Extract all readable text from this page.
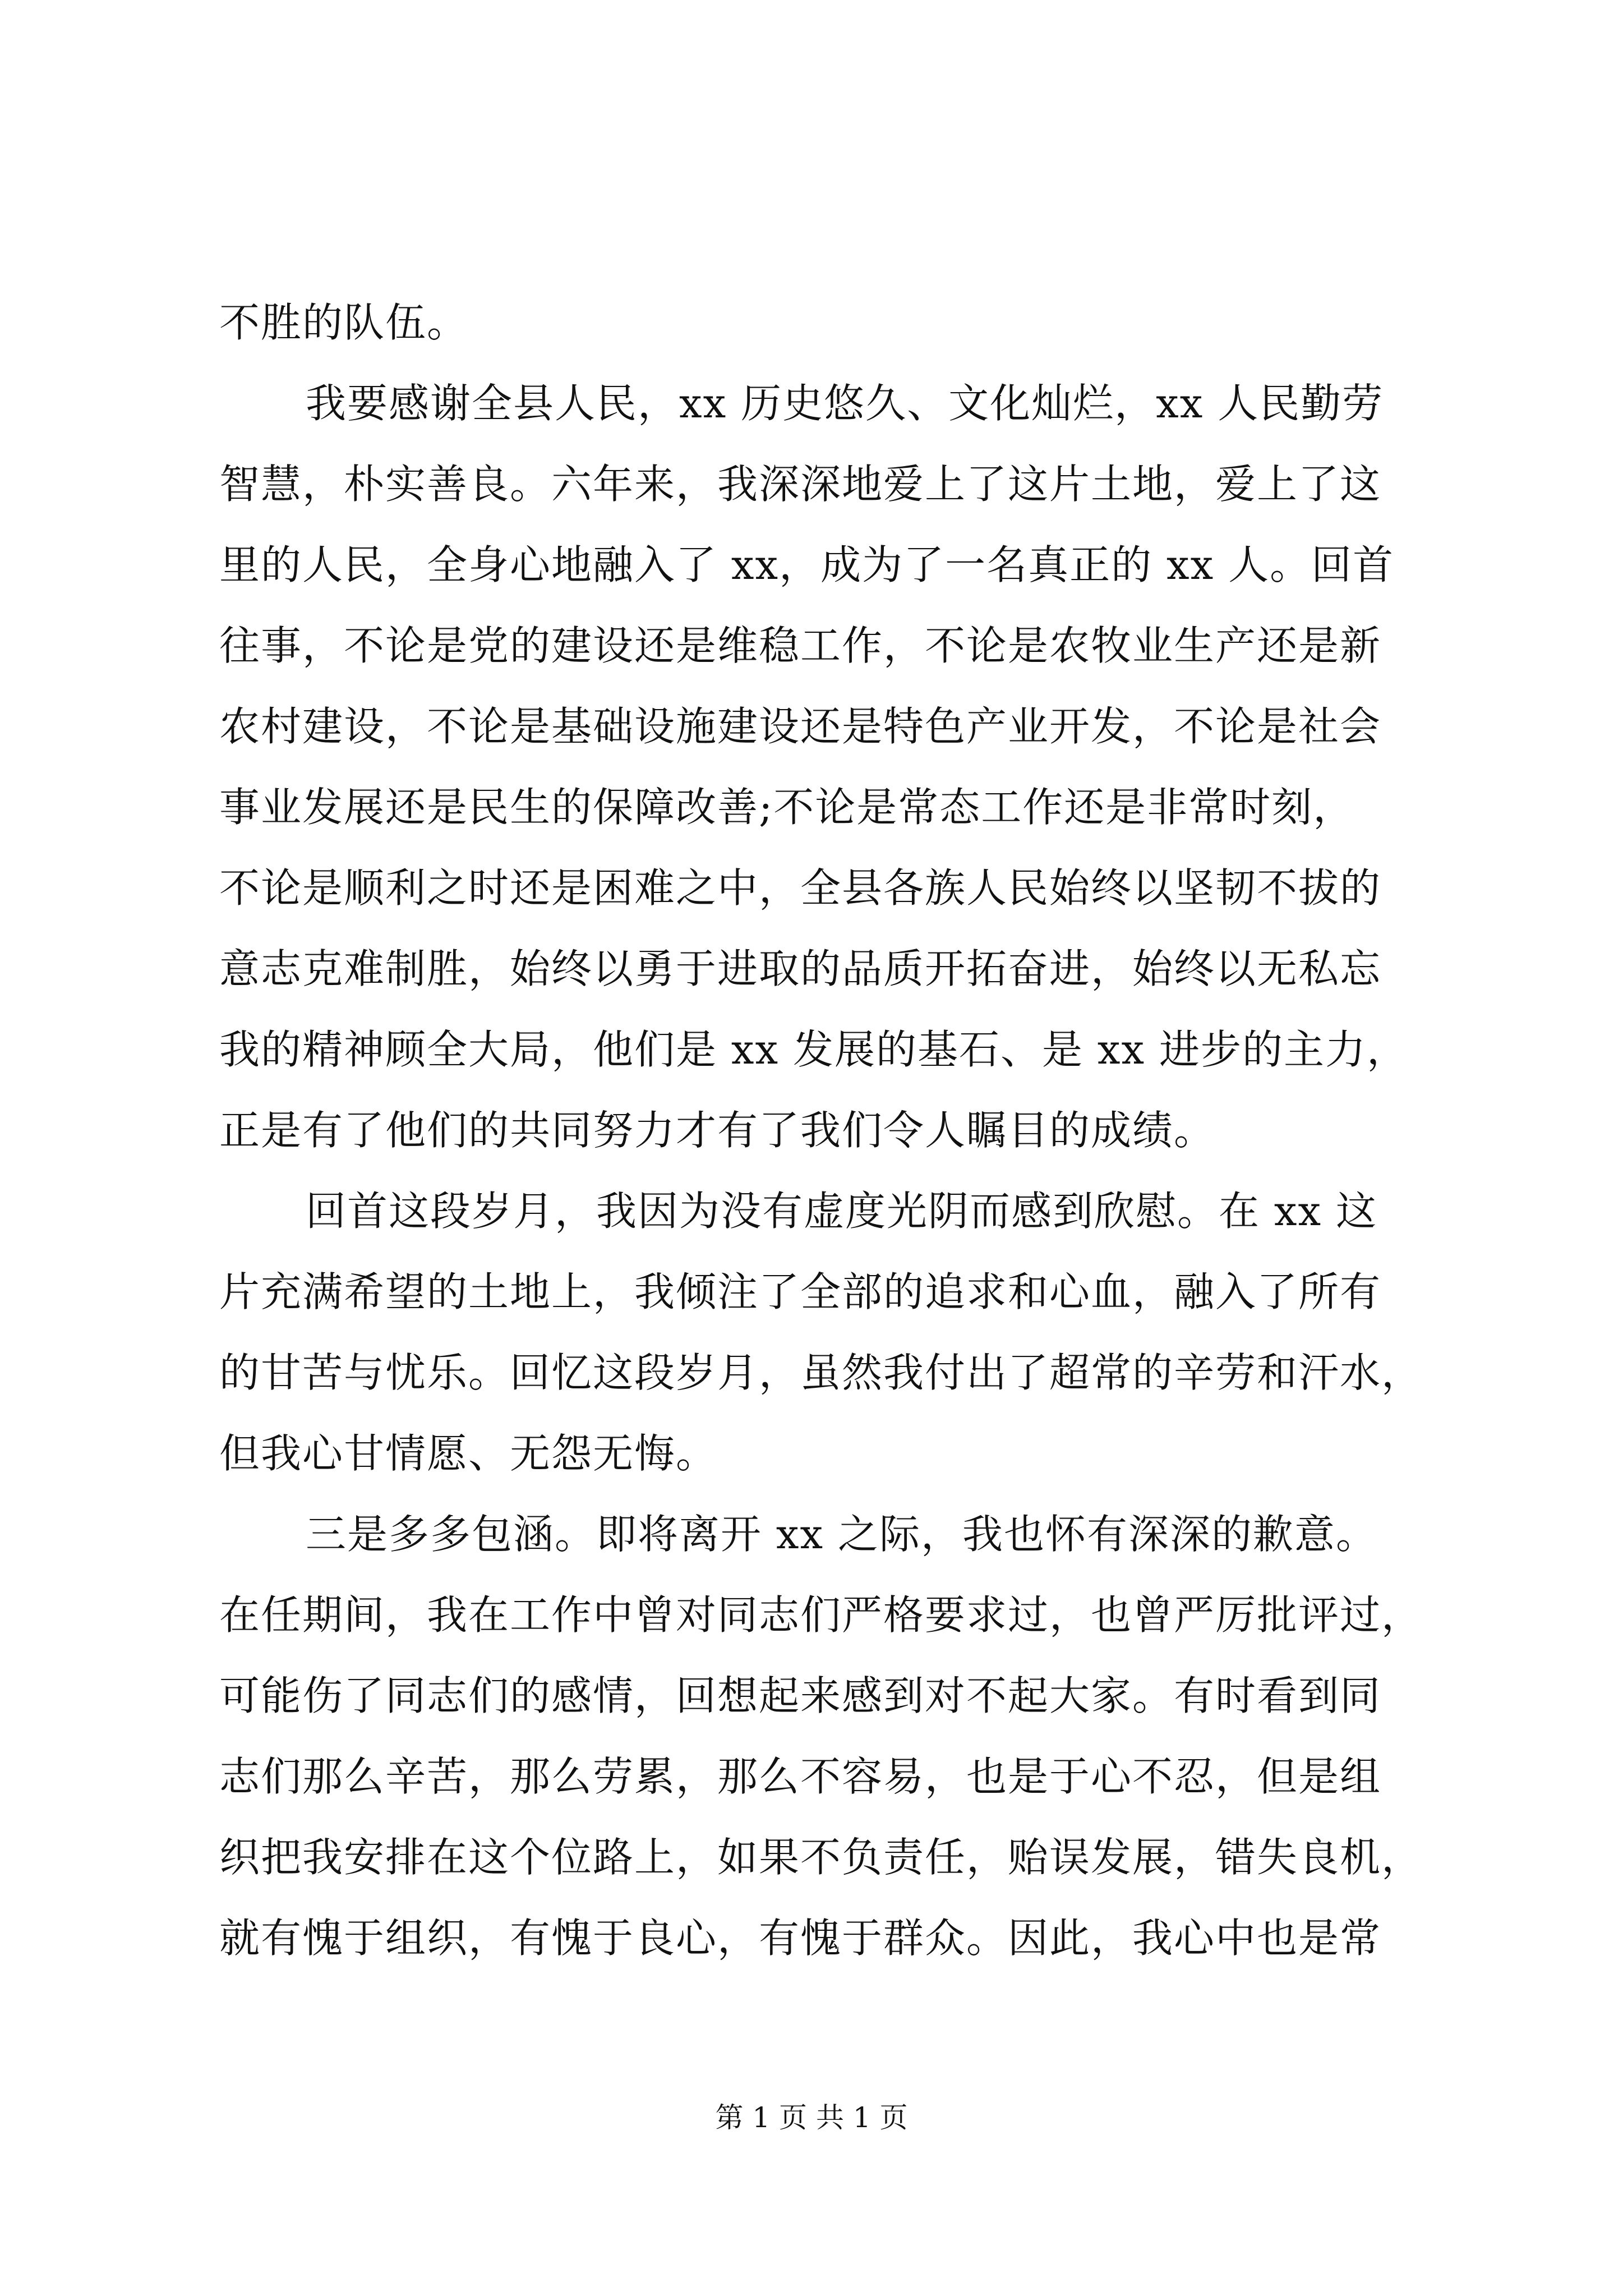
不胜的队伍。
我要感谢全县人民，xx 历史悠久、文化灿烂，xx 人民勤劳
智慧，朴实善良。六年来，我深深地爱上了这片土地，爱上了这
里的人民，全身心地融入了 xx，成为了一名真正的 xx 人。回首
往事，不论是党的建设还是维稳工作，不论是农牧业生产还是新
农村建设，不论是基础设施建设还是特色产业开发，不论是社会
事业发展还是民生的保障改善;不论是常态工作还是非常时刻，
不论是顺利之时还是困难之中，全县各族人民始终以坚韧不拔的
意志克难制胜，始终以勇于进取的品质开拓奋进，始终以无私忘
我的精神顾全大局，他们是 xx 发展的基石、是 xx 进步的主力，
正是有了他们的共同努力才有了我们令人瞩目的成绩。
回首这段岁月，我因为没有虚度光阴而感到欣慰。在 xx 这
片充满希望的土地上，我倾注了全部的追求和心血，融入了所有
的甘苦与忧乐。回忆这段岁月，虽然我付出了超常的辛劳和汗水，
但我心甘情愿、无怨无悔。
三是多多包涵。即将离开 xx 之际，我也怀有深深的歉意。
在任期间，我在工作中曾对同志们严格要求过，也曾严厉批评过，
可能伤了同志们的感情，回想起来感到对不起大家。有时看到同
志们那么辛苦，那么劳累，那么不容易，也是于心不忍，但是组
织把我安排在这个位路上，如果不负责任，贻误发展，错失良机，
就有愧于组织，有愧于良心，有愧于群众。因此，我心中也是常
第 1 页 共 1 页
